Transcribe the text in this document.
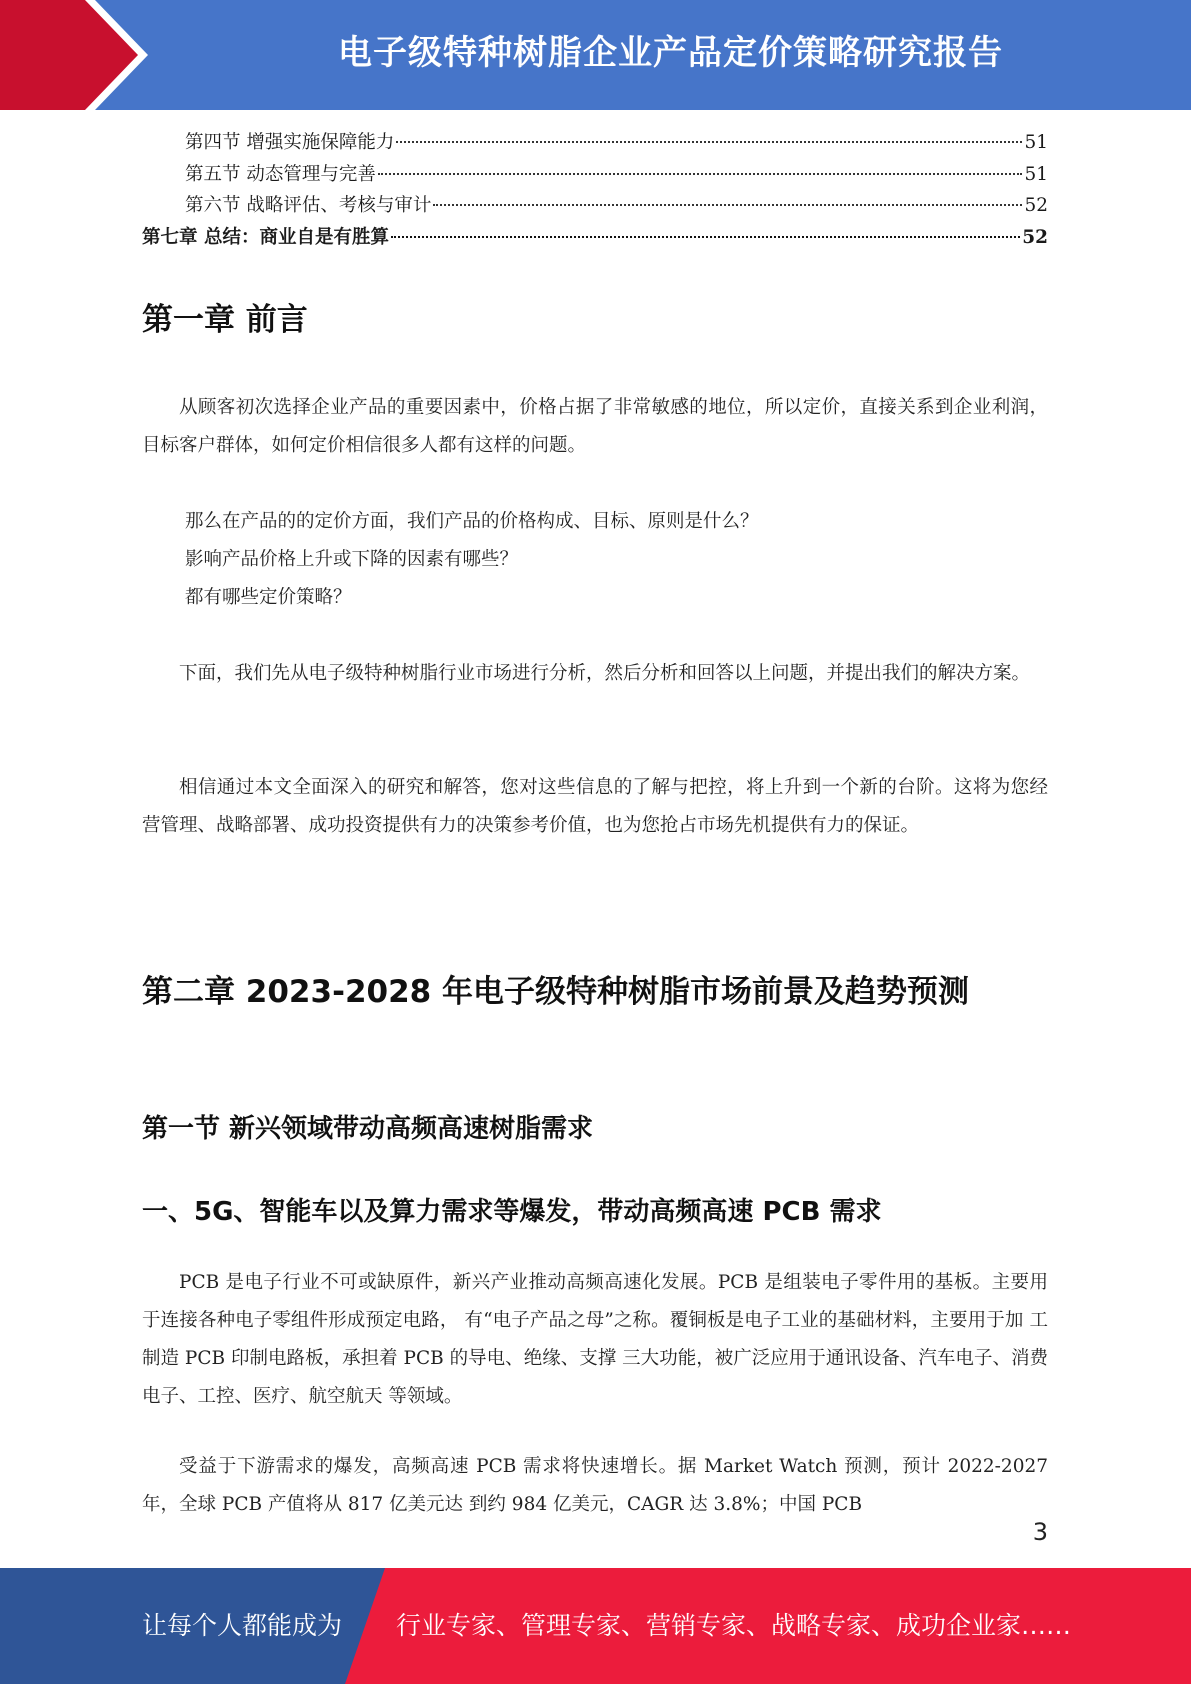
电子级特种树脂企业产品定价策略研究报告
第四节 增强实施保障能力	51
第五节 动态管理与完善	51
第六节 战略评估、考核与审计	52
第七章 总结：商业自是有胜算	52
第一章 前言

从顾客初次选择企业产品的重要因素中，价格占据了非常敏感的地位，所以定价，直接关系到企业利润，目标客户群体，如何定价相信很多人都有这样的问题。

那么在产品的的定价方面，我们产品的价格构成、目标、原则是什么？

影响产品价格上升或下降的因素有哪些？

都有哪些定价策略？

下面，我们先从电子级特种树脂行业市场进行分析，然后分析和回答以上问题，并提出我们的解决方案。

相信通过本文全面深入的研究和解答，您对这些信息的了解与把控，将上升到一个新的台阶。这将为您经营管理、战略部署、成功投资提供有力的决策参考价值，也为您抢占市场先机提供有力的保证。

第二章 2023-2028 年电子级特种树脂市场前景及趋势预测
第一节 新兴领域带动高频高速树脂需求
一、5G、智能车以及算力需求等爆发，带动高频高速 PCB 需求

PCB 是电子行业不可或缺原件，新兴产业推动高频高速化发展。PCB 是组装电子零件用的基板。主要用于连接各种电子零组件形成预定电路， 有“电子产品之母”之称。覆铜板是电子工业的基础材料，主要用于加 工制造 PCB 印制电路板，承担着 PCB 的导电、绝缘、支撑 三大功能，被广泛应用于通讯设备、汽车电子、消费电子、工控、医疗、航空航天 等领域。

受益于下游需求的爆发，高频高速 PCB 需求将快速增长。据 Market Watch 预测，预计 2022-2027 年，全球 PCB 产值将从 817 亿美元达 到约 984 亿美元，CAGR 达 3.8%；中国 PCB

3
让每个人都能成为 行业专家、管理专家、营销专家、战略专家、成功企业家……
